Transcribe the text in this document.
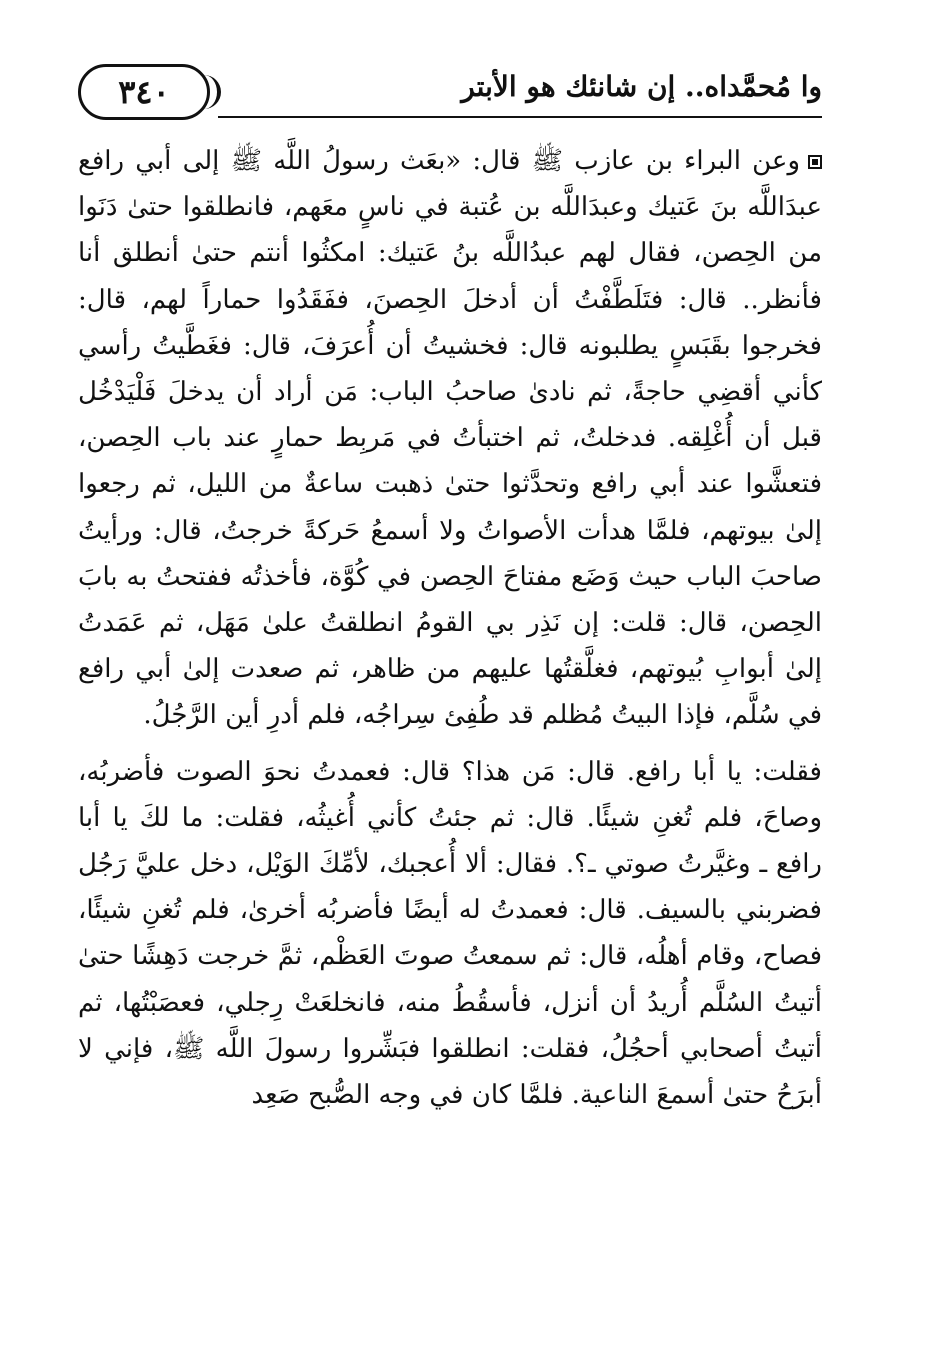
٣٤٠	وا مُحمَّداه.. إن شانئك هو الأبتر

وعن البراء بن عازب ﷺ قال: «بعَث رسولُ اللَّه ﷺ إلى أبي رافع عبدَاللَّه بنَ عَتيك وعبدَاللَّه بن عُتبة في ناسٍ معَهم، فانطلقوا حتىٰ دَنَوا من الحِصن، فقال لهم عبدُاللَّه بنُ عَتيك: امكثُوا أنتم حتىٰ أنطلق أنا فأنظر.. قال: فتَلَطَّفْتُ أن أدخلَ الحِصنَ، ففَقَدُوا حماراً لهم، قال: فخرجوا بقَبَسٍ يطلبونه قال: فخشيتُ أن أُعرَفَ، قال: فغَطَّيتُ رأسي كأني أقضِي حاجةً، ثم نادىٰ صاحبُ الباب: مَن أراد أن يدخلَ فَلْيَدْخُل قبل أن أُغْلِقه. فدخلتُ، ثم اختبأتُ في مَربِط حمارٍ عند باب الحِصن، فتعشَّوا عند أبي رافع وتحدَّثوا حتىٰ ذهبت ساعةٌ من الليل، ثم رجعوا إلىٰ بيوتهم، فلمَّا هدأت الأصواتُ ولا أسمعُ حَركةً خرجتُ، قال: ورأيتُ صاحبَ الباب حيث وَضَع مفتاحَ الحِصن في كُوَّة، فأخذتُه ففتحتُ به بابَ الحِصن، قال: قلت: إن نَذِر بي القومُ انطلقتُ علىٰ مَهَل، ثم عَمَدتُ إلىٰ أبوابِ بُيوتهم، فغلَّقتُها عليهم من ظاهر، ثم صعدت إلىٰ أبي رافع في سُلَّم، فإذا البيتُ مُظلم قد طُفِئ سِراجُه، فلم أدرِ أين الرَّجُلُ.

فقلت: يا أبا رافع. قال: مَن هذا؟ قال: فعمدتُ نحوَ الصوت فأضربُه، وصاحَ، فلم تُغنِ شيئًا. قال: ثم جئتُ كأني أُغيثُه، فقلت: ما لكَ يا أبا رافع ـ وغيَّرتُ صوتي ـ؟. فقال: ألا أُعجبك، لأمِّكَ الوَيْل، دخل عليَّ رَجُل فضربني بالسيف. قال: فعمدتُ له أيضًا فأضربُه أخرىٰ، فلم تُغنِ شيئًا، فصاح، وقام أهلُه، قال: ثم سمعتُ صوتَ العَظْم، ثمَّ خرجت دَهِشًا حتىٰ أتيتُ السُلَّم أُريدُ أن أنزل، فأسقُطُ منه، فانخلعَتْ رِجلي، فعصَبْتُها، ثم أتيتُ أصحابي أحجُلُ، فقلت: انطلقوا فبَشِّروا رسولَ اللَّه ﷺ، فإني لا أبرَحُ حتىٰ أسمعَ الناعية. فلمَّا كان في وجه الصُّبح صَعِد
